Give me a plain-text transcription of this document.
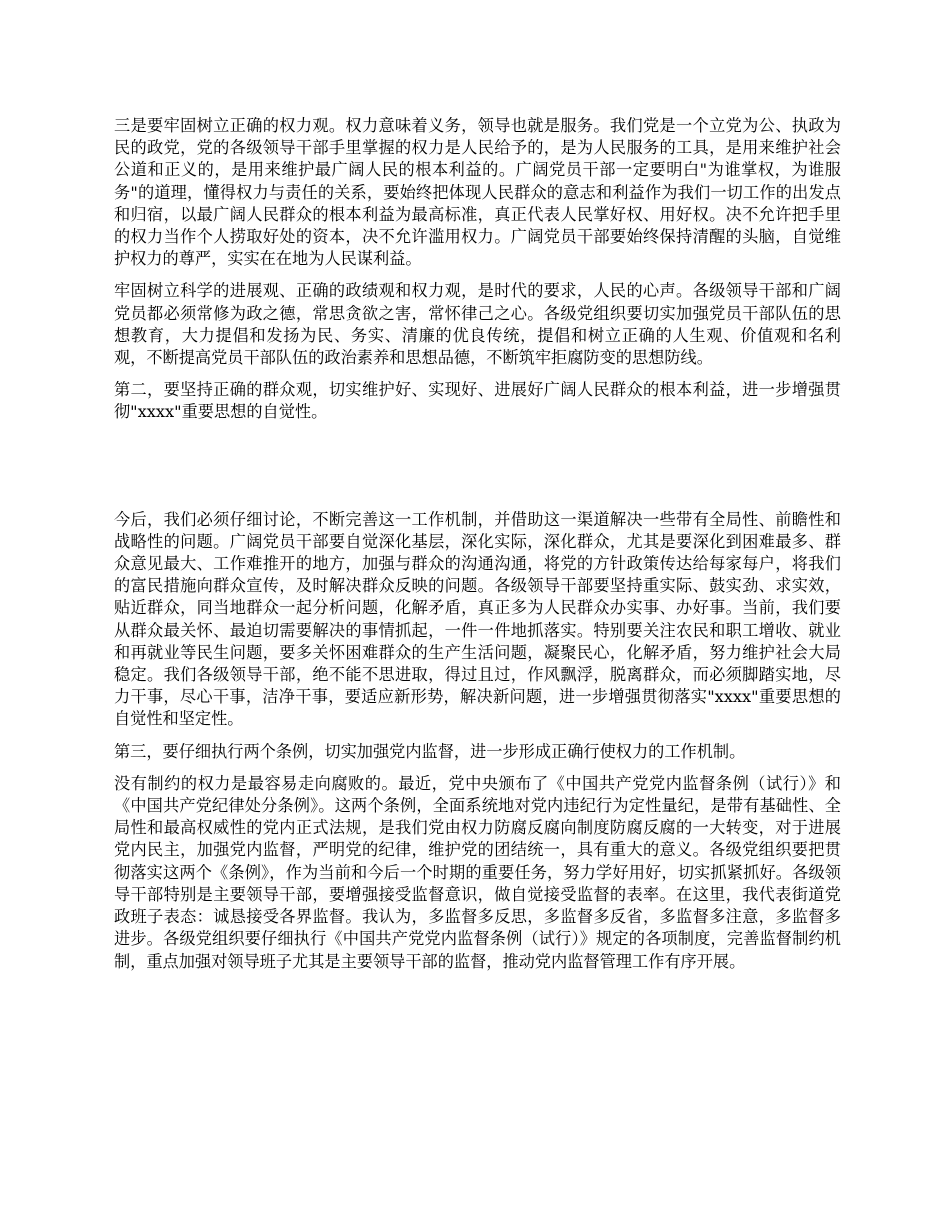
三是要牢固树立正确的权力观。权力意味着义务，领导也就是服务。我们党是一个立党为公、执政为民的政党，党的各级领导干部手里掌握的权力是人民给予的，是为人民服务的工具，是用来维护社会公道和正义的，是用来维护最广阔人民的根本利益的。广阔党员干部一定要明白"为谁掌权，为谁服务"的道理，懂得权力与责任的关系，要始终把体现人民群众的意志和利益作为我们一切工作的出发点和归宿，以最广阔人民群众的根本利益为最高标准，真正代表人民掌好权、用好权。决不允许把手里的权力当作个人捞取好处的资本，决不允许滥用权力。广阔党员干部要始终保持清醒的头脑，自觉维护权力的尊严，实实在在地为人民谋利益。

牢固树立科学的进展观、正确的政绩观和权力观，是时代的要求，人民的心声。各级领导干部和广阔党员都必须常修为政之德，常思贪欲之害，常怀律己之心。各级党组织要切实加强党员干部队伍的思想教育，大力提倡和发扬为民、务实、清廉的优良传统，提倡和树立正确的人生观、价值观和名利观，不断提高党员干部队伍的政治素养和思想品德，不断筑牢拒腐防变的思想防线。

第二，要坚持正确的群众观，切实维护好、实现好、进展好广阔人民群众的根本利益，进一步增强贯彻"xxxx"重要思想的自觉性。

今后，我们必须仔细讨论，不断完善这一工作机制，并借助这一渠道解决一些带有全局性、前瞻性和战略性的问题。广阔党员干部要自觉深化基层，深化实际，深化群众，尤其是要深化到困难最多、群众意见最大、工作难推开的地方，加强与群众的沟通沟通，将党的方针政策传达给每家每户，将我们的富民措施向群众宣传，及时解决群众反映的问题。各级领导干部要坚持重实际、鼓实劲、求实效，贴近群众，同当地群众一起分析问题，化解矛盾，真正多为人民群众办实事、办好事。当前，我们要从群众最关怀、最迫切需要解决的事情抓起，一件一件地抓落实。特别要关注农民和职工增收、就业和再就业等民生问题，要多关怀困难群众的生产生活问题，凝聚民心，化解矛盾，努力维护社会大局稳定。我们各级领导干部，绝不能不思进取，得过且过，作风飘浮，脱离群众，而必须脚踏实地，尽力干事，尽心干事，洁净干事，要适应新形势，解决新问题，进一步增强贯彻落实"xxxx"重要思想的自觉性和坚定性。

第三，要仔细执行两个条例，切实加强党内监督，进一步形成正确行使权力的工作机制。

没有制约的权力是最容易走向腐败的。最近，党中央颁布了《中国共产党党内监督条例（试行）》和《中国共产党纪律处分条例》。这两个条例，全面系统地对党内违纪行为定性量纪，是带有基础性、全局性和最高权威性的党内正式法规，是我们党由权力防腐反腐向制度防腐反腐的一大转变，对于进展党内民主，加强党内监督，严明党的纪律，维护党的团结统一，具有重大的意义。各级党组织要把贯彻落实这两个《条例》，作为当前和今后一个时期的重要任务，努力学好用好，切实抓紧抓好。各级领导干部特别是主要领导干部，要增强接受监督意识，做自觉接受监督的表率。在这里，我代表街道党政班子表态：诚恳接受各界监督。我认为，多监督多反思，多监督多反省，多监督多注意，多监督多进步。各级党组织要仔细执行《中国共产党党内监督条例（试行）》规定的各项制度，完善监督制约机制，重点加强对领导班子尤其是主要领导干部的监督，推动党内监督管理工作有序开展。
